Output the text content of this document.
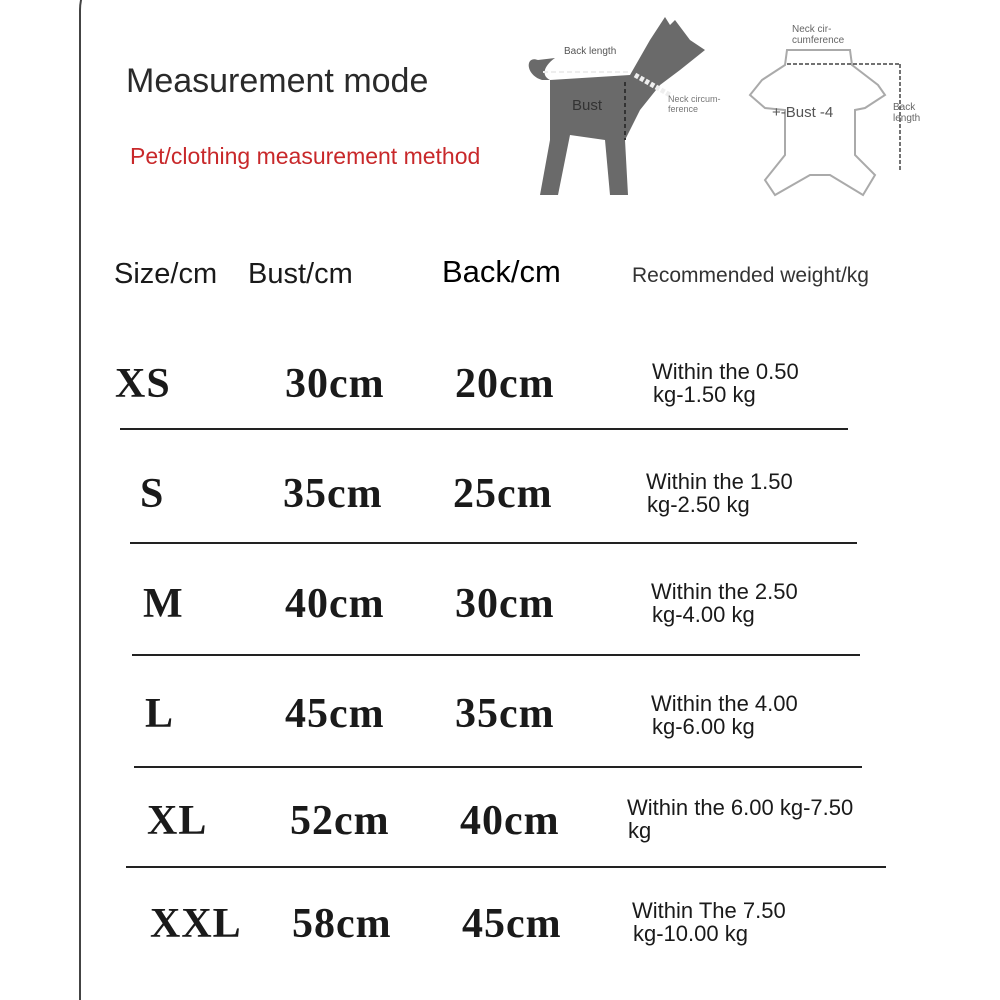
Measurement mode
Pet/clothing measurement method
Back length
Bust	Neck circum-
ference
Neck cir-
cumference
+-Bust -4	Back
length
Size/cm Bust/cm	Back/cm	Recommended weight/kg
XS	30cm 20cm	Within the 0.50
kg-1.50 kg
S	35cm 25cm	Within the 1.50
kg-2.50 kg
M 40cm 30cm	Within the 2.50
kg-4.00 kg
L	45cm 35cm	Within the 4.00
kg-6.00 kg
XL 52cm 40cm	Within the 6.00 kg-7.50
kg
XXL 58cm 45cm	Within The 7.50
kg-10.00 kg
